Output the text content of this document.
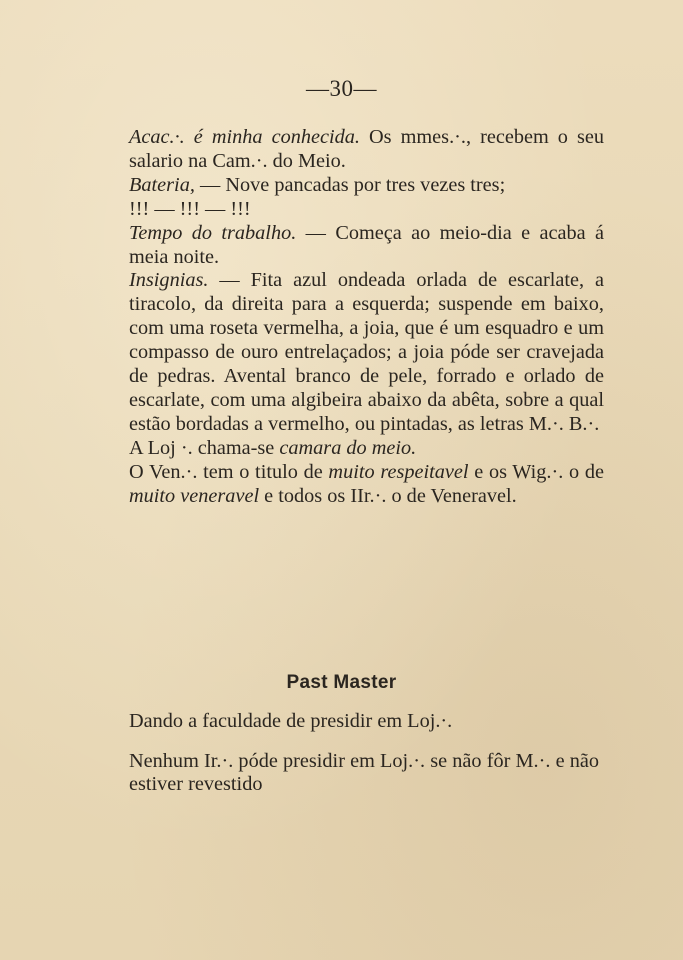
—30—

Acac.·. é minha conhecida. Os mmes.·., recebem o seu salario na Cam.·. do Meio.

Bateria, — Nove pancadas por tres vezes tres;

!!! — !!! — !!!

Tempo do trabalho. — Começa ao meio-dia e acaba á meia noite.

Insignias. — Fita azul ondeada orlada de escarlate, a tiracolo, da direita para a esquerda; suspende em baixo, com uma roseta vermelha, a joia, que é um esquadro e um compasso de ouro entrelaçados; a joia póde ser cravejada de pedras. Avental branco de pele, forrado e orlado de escarlate, com uma algibeira abaixo da abêta, sobre a qual estão bordadas a vermelho, ou pintadas, as letras M.·. B.·.

A Loj ·. chama-se camara do meio.

O Ven.·. tem o titulo de muito respeitavel e os Wig.·. o de muito veneravel e todos os IIr.·. o de Veneravel.

Past Master

Dando a faculdade de presidir em Loj.·.

Nenhum Ir.·. póde presidir em Loj.·. se não fôr M.·. e não estiver revestido
